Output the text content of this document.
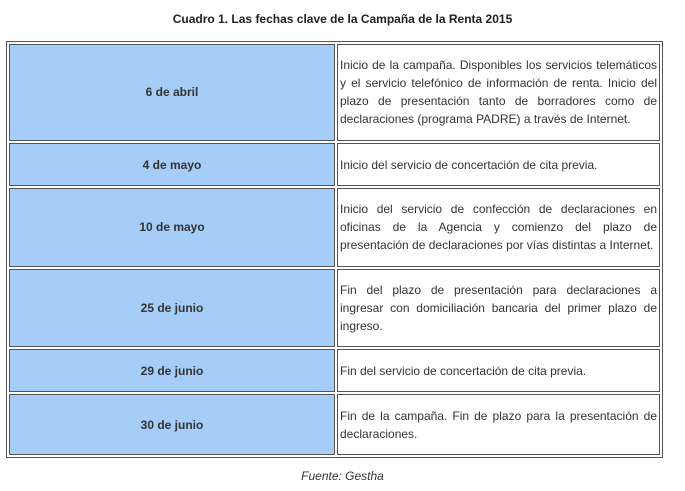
Cuadro 1. Las fechas clave de la Campaña de la Renta 2015
6 de abril	Inicio de la campaña. Disponibles los servicios telemáticos y el servicio telefónico de información de renta. Inicio del plazo de presentación tanto de borradores como de declaraciones (programa PADRE) a través de Internet.
4 de mayo	Inicio del servicio de concertación de cita previa.
10 de mayo	Inicio del servicio de confección de declaraciones en oficinas de la Agencia y comienzo del plazo de presentación de declaraciones por vías distintas a Internet.
25 de junio	Fin del plazo de presentación para declaraciones a ingresar con domiciliación bancaria del primer plazo de ingreso.
29 de junio	Fin del servicio de concertación de cita previa.
30 de junio	Fin de la campaña. Fin de plazo para la presentación de declaraciones.
Fuente: Gestha
